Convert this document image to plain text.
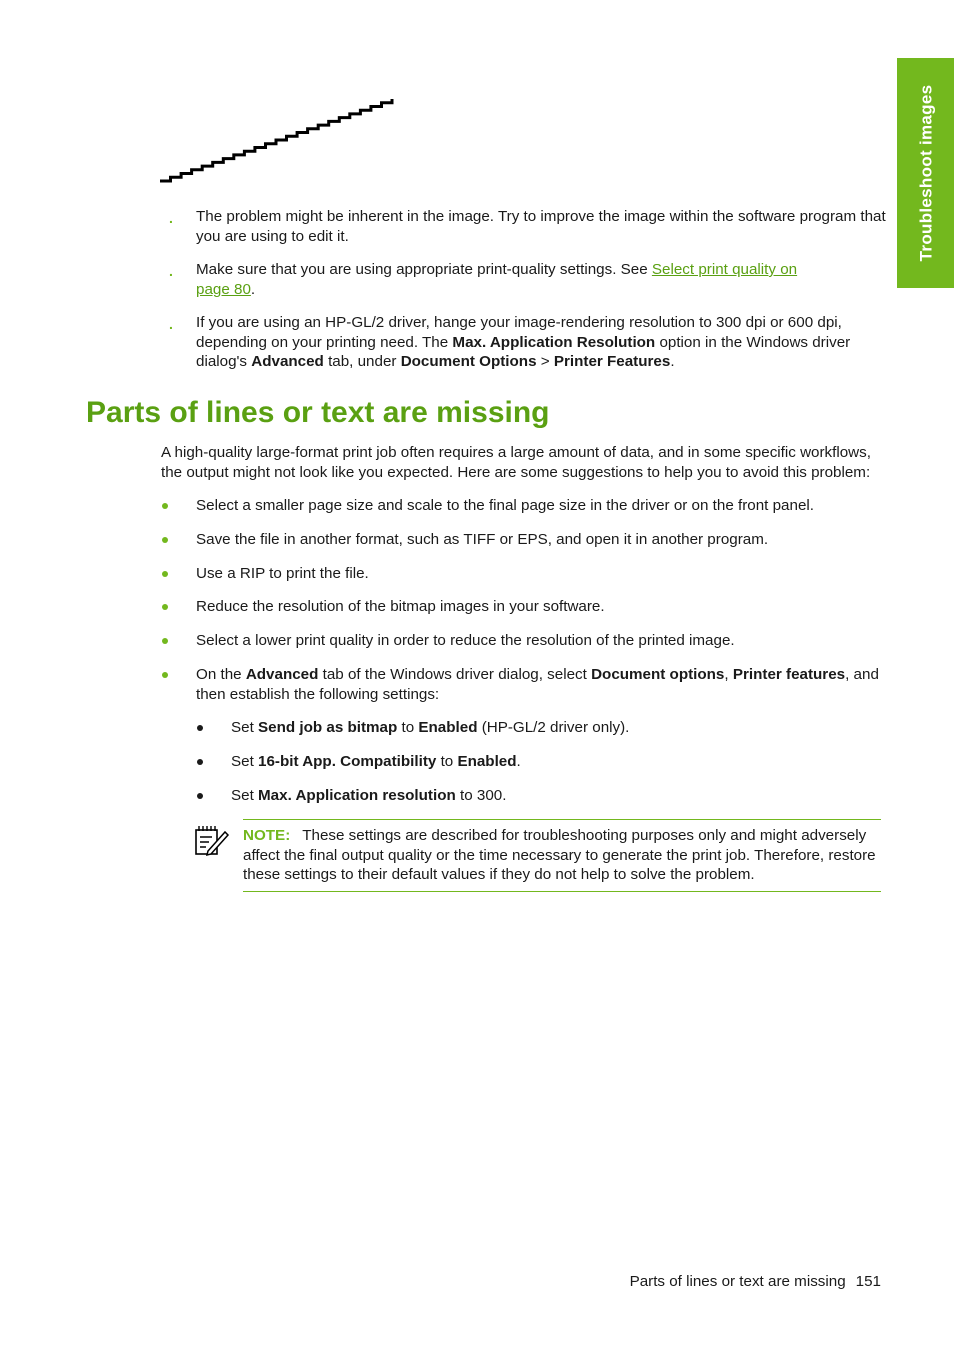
Troubleshoot images
. The problem might be inherent in the image. Try to improve the image within the software program that you are using to edit it.
. Make sure that you are using appropriate print-quality settings. See Select print quality on page 80.
. If you are using an HP-GL/2 driver, hange your image-rendering resolution to 300 dpi or 600 dpi, depending on your printing need. The Max. Application Resolution option in the Windows driver dialog's Advanced tab, under Document Options > Printer Features.
Parts of lines or text are missing
A high-quality large-format print job often requires a large amount of data, and in some specific workflows, the output might not look like you expected. Here are some suggestions to help you to avoid this problem:
Select a smaller page size and scale to the final page size in the driver or on the front panel.
Save the file in another format, such as TIFF or EPS, and open it in another program.
Use a RIP to print the file.
Reduce the resolution of the bitmap images in your software.
Select a lower print quality in order to reduce the resolution of the printed image.
On the Advanced tab of the Windows driver dialog, select Document options, Printer features, and then establish the following settings:
Set Send job as bitmap to Enabled (HP-GL/2 driver only).
Set 16-bit App. Compatibility to Enabled.
Set Max. Application resolution to 300.
NOTE: These settings are described for troubleshooting purposes only and might adversely affect the final output quality or the time necessary to generate the print job. Therefore, restore these settings to their default values if they do not help to solve the problem.
Parts of lines or text are missing 151
